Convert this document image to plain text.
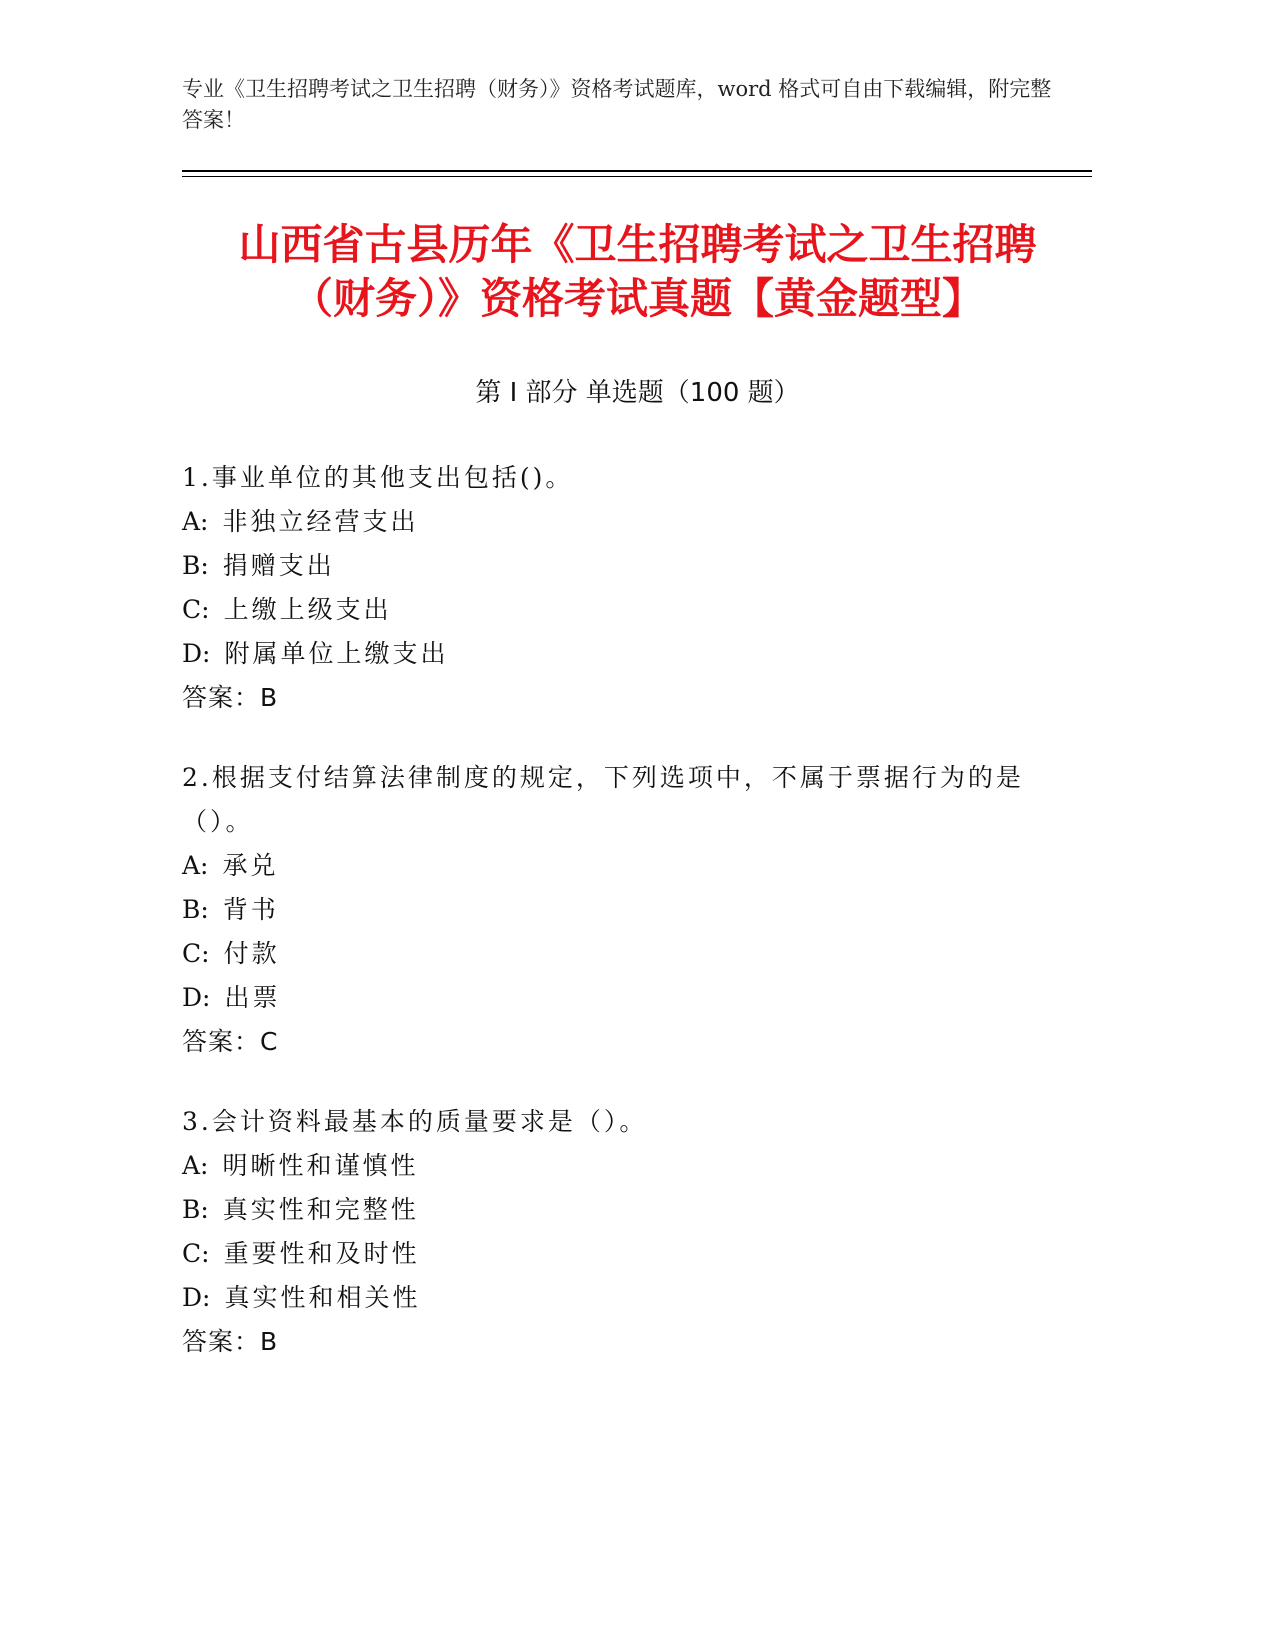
专业《卫生招聘考试之卫生招聘（财务）》资格考试题库，word 格式可自由下载编辑，附完整答案！
山西省古县历年《卫生招聘考试之卫生招聘
（财务）》资格考试真题【黄金题型】
第 I 部分 单选题（100 题）
1.事业单位的其他支出包括()。
A: 非独立经营支出
B: 捐赠支出
C: 上缴上级支出
D: 附属单位上缴支出
答案：B
2.根据支付结算法律制度的规定，下列选项中，不属于票据行为的是（）。
A: 承兑
B: 背书
C: 付款
D: 出票
答案：C
3.会计资料最基本的质量要求是（）。
A: 明晰性和谨慎性
B: 真实性和完整性
C: 重要性和及时性
D: 真实性和相关性
答案：B
